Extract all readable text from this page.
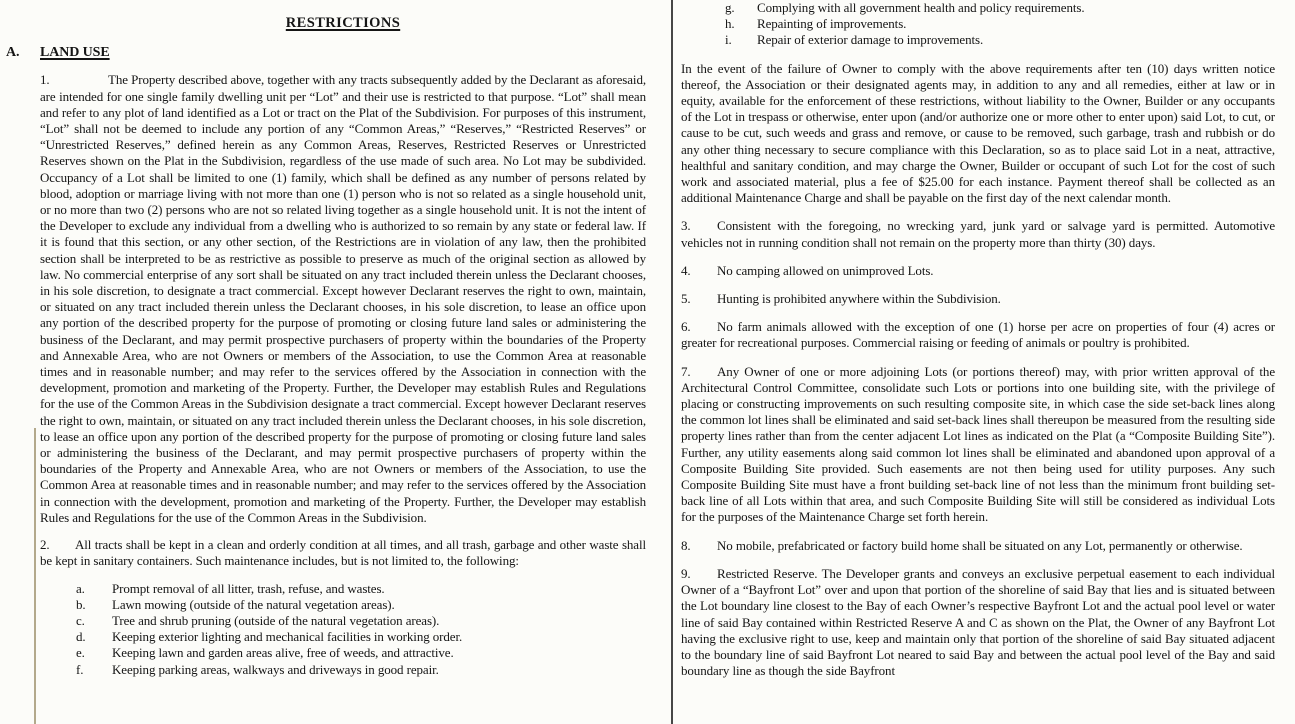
RESTRICTIONS
A. LAND USE

1.	The Property described above, together with any tracts subsequently added by the Declarant as aforesaid, are intended for one single family dwelling unit per “Lot” and their use is restricted to that purpose. “Lot” shall mean and refer to any plot of land identified as a Lot or tract on the Plat of the Subdivision. For purposes of this instrument, “Lot” shall not be deemed to include any portion of any “Common Areas,” “Reserves,” “Restricted Reserves” or “Unrestricted Reserves,” defined herein as any Common Areas, Reserves, Restricted Reserves or Unrestricted Reserves shown on the Plat in the Subdivision, regardless of the use made of such area. No Lot may be subdivided. Occupancy of a Lot shall be limited to one (1) family, which shall be defined as any number of persons related by blood, adoption or marriage living with not more than one (1) person who is not so related as a single household unit, or no more than two (2) persons who are not so related living together as a single household unit. It is not the intent of the Developer to exclude any individual from a dwelling who is authorized to so remain by any state or federal law. If it is found that this section, or any other section, of the Restrictions are in violation of any law, then the prohibited section shall be interpreted to be as restrictive as possible to preserve as much of the original section as allowed by law. No commercial enterprise of any sort shall be situated on any tract included therein unless the Declarant chooses, in his sole discretion, to designate a tract commercial. Except however Declarant reserves the right to own, maintain, or situated on any tract included therein unless the Declarant chooses, in his sole discretion, to lease an office upon any portion of the described property for the purpose of promoting or closing future land sales or administering the business of the Declarant, and may permit prospective purchasers of property within the boundaries of the Property and Annexable Area, who are not Owners or members of the Association, to use the Common Area at reasonable times and in reasonable number; and may refer to the services offered by the Association in connection with the development, promotion and marketing of the Property. Further, the Developer may establish Rules and Regulations for the use of the Common Areas in the Subdivision designate a tract commercial. Except however Declarant reserves the right to own, maintain, or situated on any tract included therein unless the Declarant chooses, in his sole discretion, to lease an office upon any portion of the described property for the purpose of promoting or closing future land sales or administering the business of the Declarant, and may permit prospective purchasers of property within the boundaries of the Property and Annexable Area, who are not Owners or members of the Association, to use the Common Area at reasonable times and in reasonable number; and may refer to the services offered by the Association in connection with the development, promotion and marketing of the Property. Further, the Developer may establish Rules and Regulations for the use of the Common Areas in the Subdivision.

2. All tracts shall be kept in a clean and orderly condition at all times, and all trash, garbage and other waste shall be kept in sanitary containers. Such maintenance includes, but is not limited to, the following:

a. Prompt removal of all litter, trash, refuse, and wastes.
b. Lawn mowing (outside of the natural vegetation areas).
c. Tree and shrub pruning (outside of the natural vegetation areas).
d. Keeping exterior lighting and mechanical facilities in working order.
e. Keeping lawn and garden areas alive, free of weeds, and attractive.
f. Keeping parking areas, walkways and driveways in good repair.
g. Complying with all government health and policy requirements.
h. Repainting of improvements.
i. Repair of exterior damage to improvements.

In the event of the failure of Owner to comply with the above requirements after ten (10) days written notice thereof, the Association or their designated agents may, in addition to any and all remedies, either at law or in equity, available for the enforcement of these restrictions, without liability to the Owner, Builder or any occupants of the Lot in trespass or otherwise, enter upon (and/or authorize one or more other to enter upon) said Lot, to cut, or cause to be cut, such weeds and grass and remove, or cause to be removed, such garbage, trash and rubbish or do any other thing necessary to secure compliance with this Declaration, so as to place said Lot in a neat, attractive, healthful and sanitary condition, and may charge the Owner, Builder or occupant of such Lot for the cost of such work and associated material, plus a fee of $25.00 for each instance. Payment thereof shall be collected as an additional Maintenance Charge and shall be payable on the first day of the next calendar month.

3. Consistent with the foregoing, no wrecking yard, junk yard or salvage yard is permitted. Automotive vehicles not in running condition shall not remain on the property more than thirty (30) days.

4. No camping allowed on unimproved Lots.

5. Hunting is prohibited anywhere within the Subdivision.

6. No farm animals allowed with the exception of one (1) horse per acre on properties of four (4) acres or greater for recreational purposes. Commercial raising or feeding of animals or poultry is prohibited.

7. Any Owner of one or more adjoining Lots (or portions thereof) may, with prior written approval of the Architectural Control Committee, consolidate such Lots or portions into one building site, with the privilege of placing or constructing improvements on such resulting composite site, in which case the side set-back lines along the common lot lines shall be eliminated and said set-back lines shall thereupon be measured from the resulting side property lines rather than from the center adjacent Lot lines as indicated on the Plat (a “Composite Building Site”). Further, any utility easements along said common lot lines shall be eliminated and abandoned upon approval of a Composite Building Site provided. Such easements are not then being used for utility purposes. Any such Composite Building Site must have a front building set-back line of not less than the minimum front building set-back line of all Lots within that area, and such Composite Building Site will still be considered as individual Lots for the purposes of the Maintenance Charge set forth herein.

8. No mobile, prefabricated or factory build home shall be situated on any Lot, permanently or otherwise.

9. Restricted Reserve. The Developer grants and conveys an exclusive perpetual easement to each individual Owner of a “Bayfront Lot” over and upon that portion of the shoreline of said Bay that lies and is situated between the Lot boundary line closest to the Bay of each Owner’s respective Bayfront Lot and the actual pool level or water line of said Bay contained within Restricted Reserve A and C as shown on the Plat, the Owner of any Bayfront Lot having the exclusive right to use, keep and maintain only that portion of the shoreline of said Bay situated adjacent to the boundary line of said Bayfront Lot neared to said Bay and between the actual pool level of the Bay and said boundary line as though the side Bayfront
